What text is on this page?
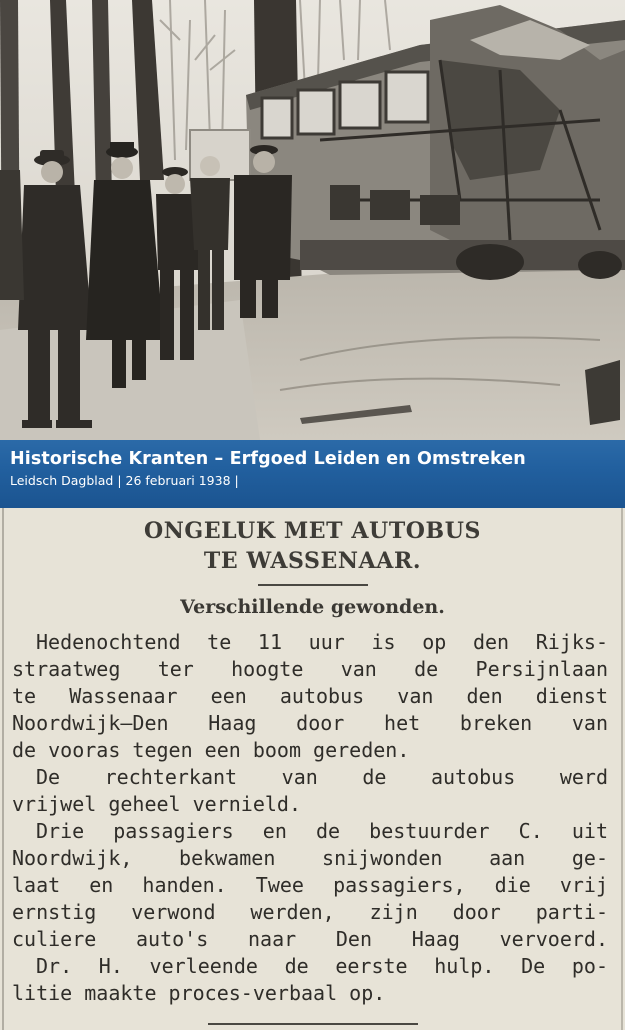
Historische Kranten – Erfgoed Leiden en Omstreken
Leidsch Dagblad | 26 februari 1938 |
ONGELUK MET AUTOBUS
TE WASSENAAR.
Verschillende gewonden.
Hedenochtend te 11 uur is op den Rijks-
straatweg ter hoogte van de Persijnlaan
te Wassenaar een autobus van den dienst
Noordwijk—Den Haag door het breken van
de vooras tegen een boom gereden.
De rechterkant van de autobus werd
vrijwel geheel vernield.
Drie passagiers en de bestuurder C. uit
Noordwijk, bekwamen snijwonden aan ge-
laat en handen. Twee passagiers, die vrij
ernstig verwond werden, zijn door parti-
culiere auto's naar Den Haag vervoerd.
Dr. H. verleende de eerste hulp. De po-
litie maakte proces-verbaal op.
